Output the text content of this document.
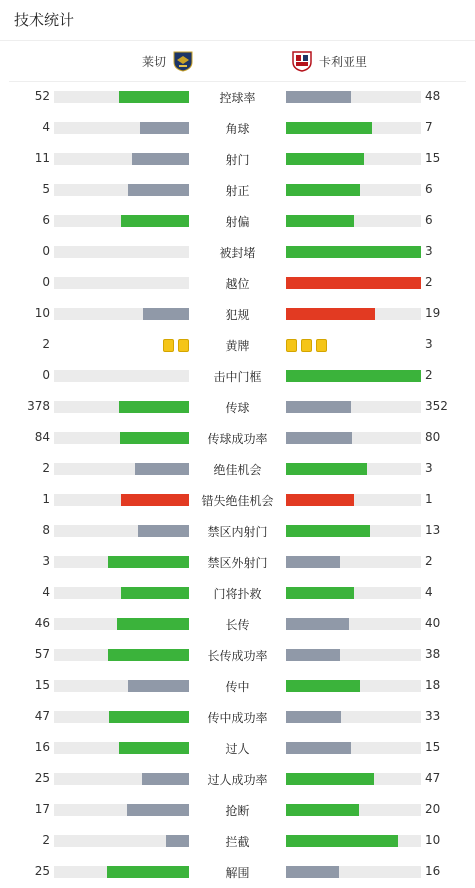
技术统计
莱切	卡利亚里
52	控球率	48
4	角球	7
11	射门	15
5	射正	6
6	射偏	6
0	被封堵	3
0	越位	2
10	犯规	19
2	黄牌	3
0	击中门框	2
378	传球	352
84	传球成功率	80
2	绝佳机会	3
1	错失绝佳机会	1
8	禁区内射门	13
3	禁区外射门	2
4	门将扑救	4
46	长传	40
57	长传成功率	38
15	传中	18
47	传中成功率	33
16	过人	15
25	过人成功率	47
17	抢断	20
2	拦截	10
25	解围	16
